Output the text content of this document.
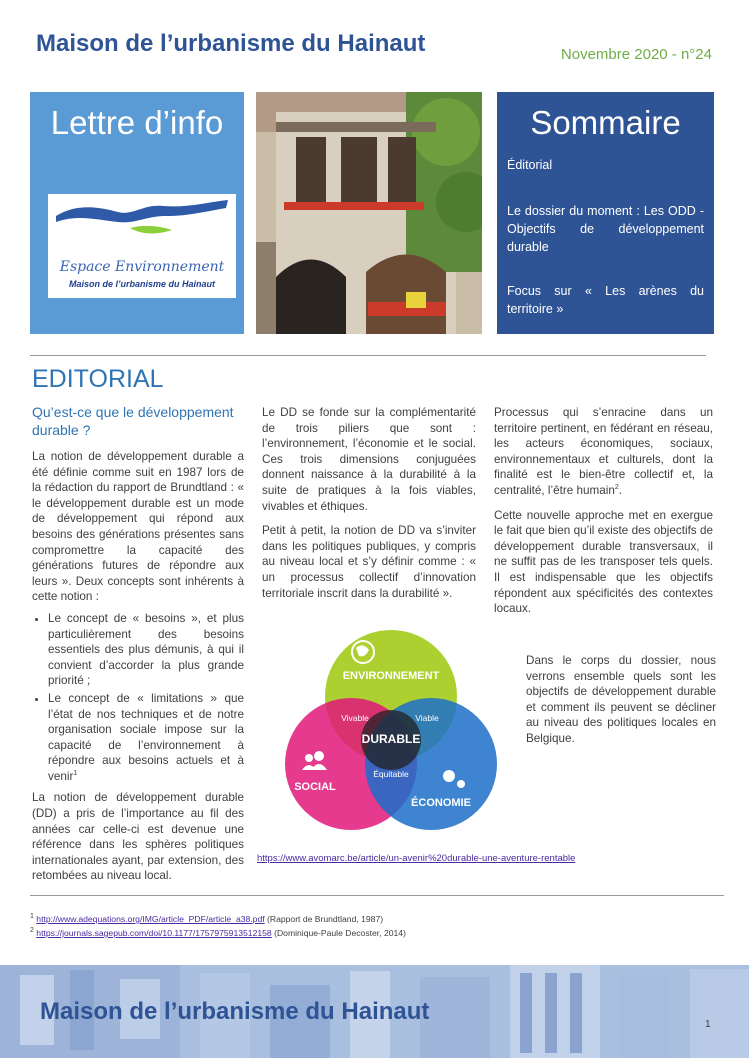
Maison de l’urbanisme du Hainaut	Novembre 2020 - n°24
Lettre d’info
Espace Environnement
Maison de l’urbanisme du Hainaut
Sommaire
Éditorial
Le dossier du moment : Les ODD - Objectifs de développement durable
Focus sur « Les arènes du territoire »
EDITORIAL
Qu’est-ce que le développement durable ?

La notion de développement durable a été définie comme suit en 1987 lors de la rédaction du rapport de Brundtland : « le développement durable est un mode de développement qui répond aux besoins des générations présentes sans compromettre la capacité des générations futures de répondre aux leurs ». Deux concepts sont inhérents à cette notion :

• Le concept de « besoins », et plus particulièrement des besoins essentiels des plus démunis, à qui il convient d’accorder la plus grande priorité ;
• Le concept de « limitations » que l’état de nos techniques et de notre organisation sociale impose sur la capacité de l’environnement à répondre aux besoins actuels et à venir$^1$

La notion de développement durable (DD) a pris de l’importance au fil des années car celle-ci est devenue une référence dans les sphères politiques internationales ayant, par extension, des retombées au niveau local.

Le DD se fonde sur la complémentarité de trois piliers que sont : l’environnement, l’économie et le social. Ces trois dimensions conjuguées donnent naissance à la durabilité à la suite de pratiques à la fois viables, vivables et éthiques.

Petit à petit, la notion de DD va s’inviter dans les politiques publiques, y compris au niveau local et s’y définir comme : « un processus collectif d’innovation territoriale inscrit dans la durabilité ».

Processus qui s’enracine dans un territoire pertinent, en fédérant en réseau, les acteurs économiques, sociaux, environnementaux et culturels, dont la finalité est le bien-être collectif et, la centralité, l’être humain$^2$.

Cette nouvelle approche met en exergue le fait que bien qu’il existe des objectifs de développement durable transversaux, il ne suffit pas de les transposer tels quels. Il est indispensable que les objectifs répondent aux spécificités des contextes locaux.

ENVIRONNEMENT
Vivable	Viable
DURABLE
Équitable
SOCIAL
ÉCONOMIE
Dans le corps du dossier, nous verrons ensemble quels sont les objectifs de développement durable et comment ils peuvent se décliner au niveau des politiques locales en Belgique.
https://www.avomarc.be/article/un-avenir%20durable-une-aventure-rentable
$^1$ http://www.adequations.org/IMG/article_PDF/article_a38.pdf (Rapport de Brundtland, 1987)
$^2$ https://journals.sagepub.com/doi/10.1177/1757975913512158 (Dominique-Paule Decoster, 2014)
Maison de l’urbanisme du Hainaut	1
